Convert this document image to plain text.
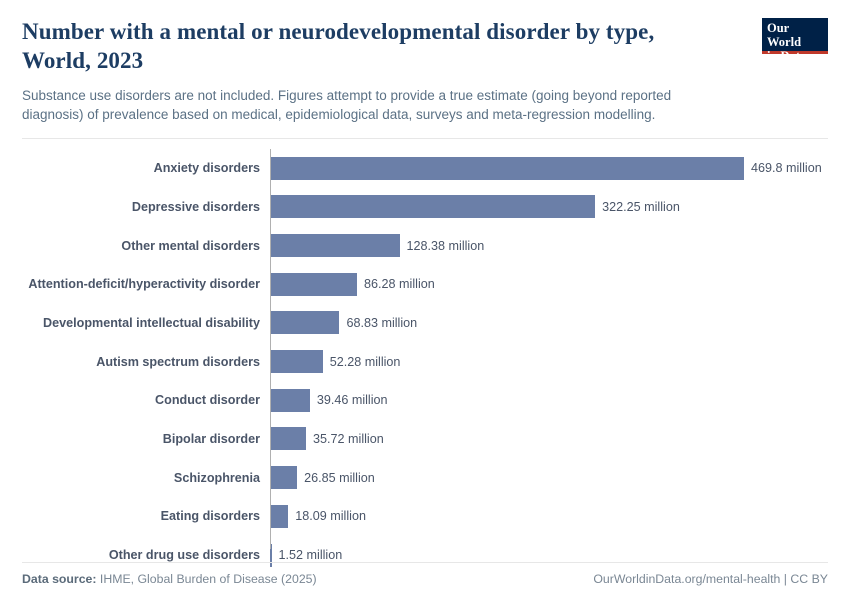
Number with a mental or neurodevelopmental disorder by type, World, 2023

Substance use disorders are not included. Figures attempt to provide a true estimate (going beyond reported diagnosis) of prevalence based on medical, epidemiological data, surveys and meta-regression modelling.

Our World
in Data
Anxiety disorders	469.8 million
Depressive disorders	322.25 million
Other mental disorders	128.38 million
Attention-deficit/hyperactivity disorder	86.28 million
Developmental intellectual disability	68.83 million
Autism spectrum disorders	52.28 million
Conduct disorder	39.46 million
Bipolar disorder	35.72 million
Schizophrenia	26.85 million
Eating disorders	18.09 million
Other drug use disorders	1.52 million
Data source: IHME, Global Burden of Disease (2025)	OurWorldinData.org/mental-health | CC BY
